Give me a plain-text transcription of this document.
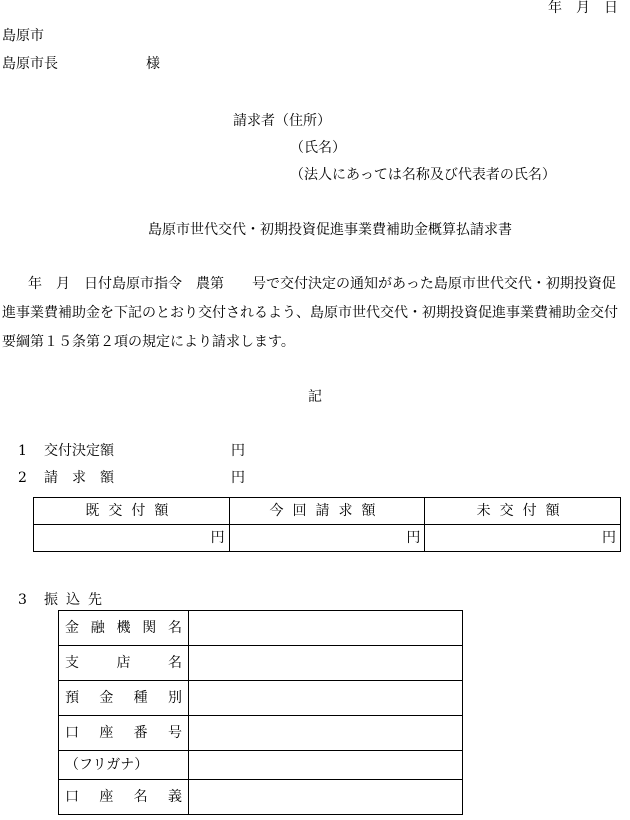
年　月　日
島原市
島原市長	様
請求者（住所）
（氏名）
（法人にあっては名称及び代表者の氏名）
島原市世代交代・初期投資促進事業費補助金概算払請求書
年　月　日付島原市指令　農第　　号で交付決定の通知があった島原市世代交代・初期投資促
進事業費補助金を下記のとおり交付されるよう、島原市世代交代・初期投資促進事業費補助金交付
要綱第１５条第２項の規定により請求します。
記
1 交付決定額	円
2 請　求　額	円
既交付額	今回請求額	未交付額
円	円	円
3 振込先
金 融 機 関 名	

支 店 名	

預 金 種 別	

口 座 番 号	

（フリガナ）	

口 座 名 義	
